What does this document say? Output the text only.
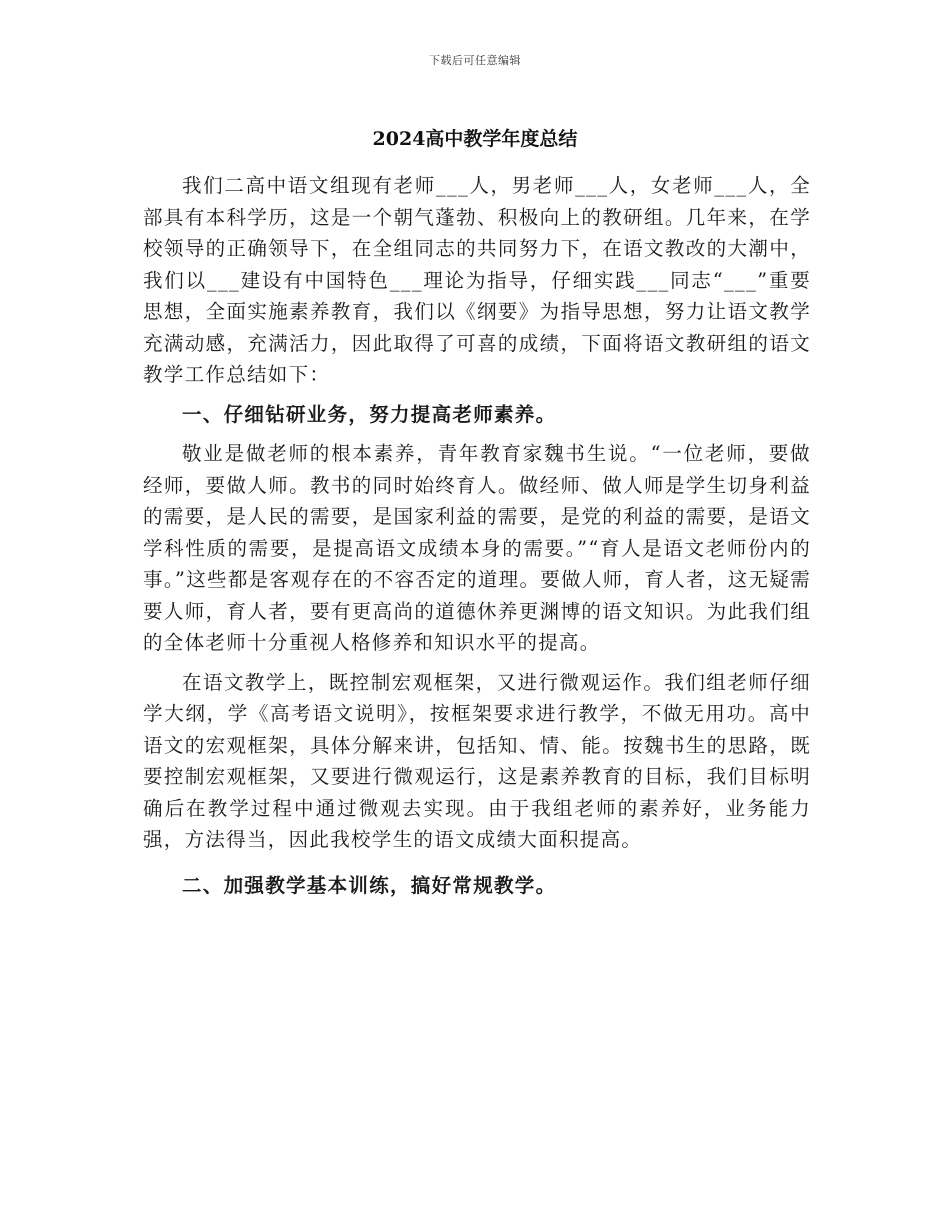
下载后可任意编辑
2024高中教学年度总结

我们二高中语文组现有老师___人，男老师___人，女老师___人，全部具有本科学历，这是一个朝气蓬勃、积极向上的教研组。几年来，在学校领导的正确领导下，在全组同志的共同努力下，在语文教改的大潮中，我们以___建设有中国特色___理论为指导，仔细实践___同志“___”重要思想，全面实施素养教育，我们以《纲要》为指导思想，努力让语文教学充满动感，充满活力，因此取得了可喜的成绩，下面将语文教研组的语文教学工作总结如下：

一、仔细钻研业务，努力提高老师素养。

敬业是做老师的根本素养，青年教育家魏书生说。“一位老师，要做经师，要做人师。教书的同时始终育人。做经师、做人师是学生切身利益的需要，是人民的需要，是国家利益的需要，是党的利益的需要，是语文学科性质的需要，是提高语文成绩本身的需要。”“育人是语文老师份内的事。”这些都是客观存在的不容否定的道理。要做人师，育人者，这无疑需要人师，育人者，要有更高尚的道德休养更渊博的语文知识。为此我们组的全体老师十分重视人格修养和知识水平的提高。

在语文教学上，既控制宏观框架，又进行微观运作。我们组老师仔细学大纲，学《高考语文说明》，按框架要求进行教学，不做无用功。高中语文的宏观框架，具体分解来讲，包括知、情、能。按魏书生的思路，既要控制宏观框架，又要进行微观运行，这是素养教育的目标，我们目标明确后在教学过程中通过微观去实现。由于我组老师的素养好，业务能力强，方法得当，因此我校学生的语文成绩大面积提高。

二、加强教学基本训练，搞好常规教学。
